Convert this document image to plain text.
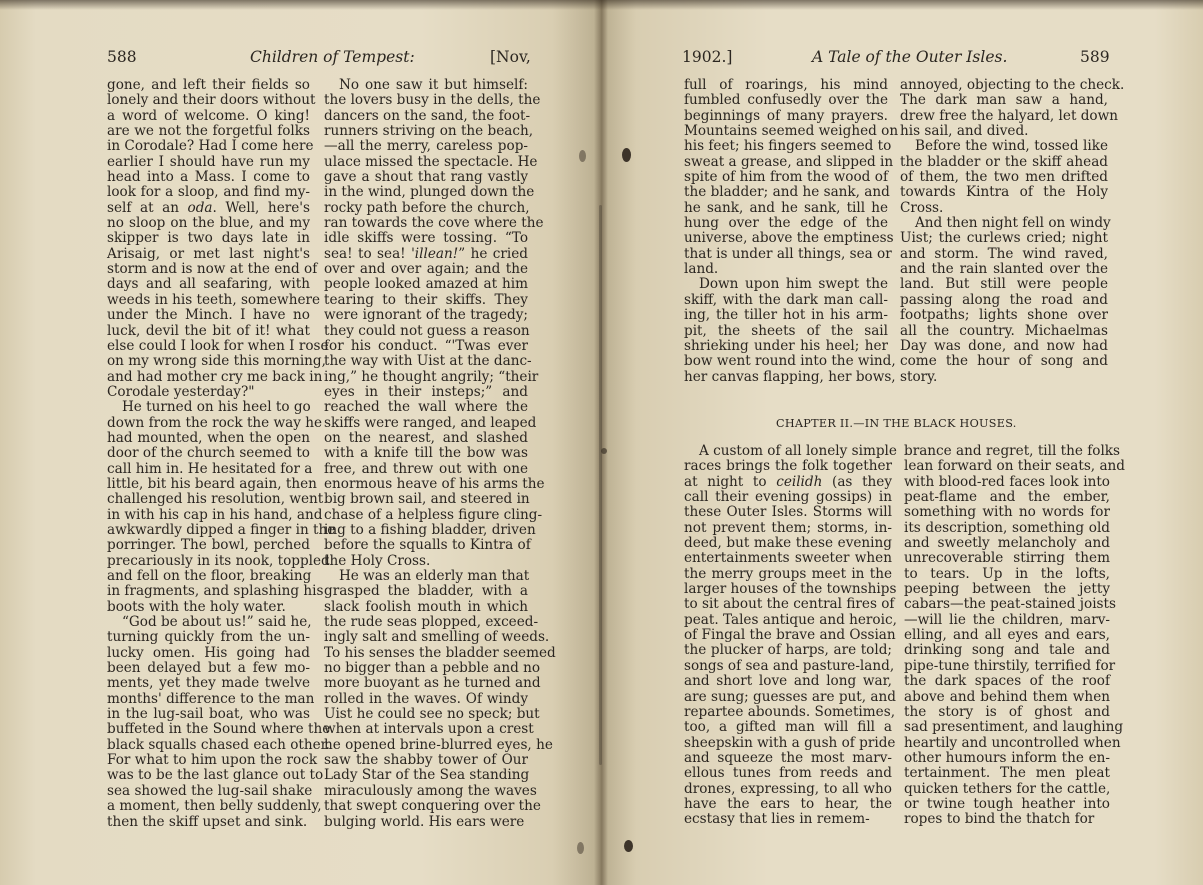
588	Children of Tempest:	[Nov,
gone, and left their fields so
lonely and their doors without
a word of welcome. O king!
are we not the forgetful folks
in Corodale? Had I come here
earlier I should have run my
head into a Mass. I come to
look for a sloop, and find my-
self at an oda. Well, here's
no sloop on the blue, and my
skipper is two days late in
Arisaig, or met last night's
storm and is now at the end of
days and all seafaring, with
weeds in his teeth, somewhere
under the Minch. I have no
luck, devil the bit of it! what
else could I look for when I rose
on my wrong side this morning,
and had mother cry me back in
Corodale yesterday?"
He turned on his heel to go
down from the rock the way he
had mounted, when the open
door of the church seemed to
call him in. He hesitated for a
little, bit his beard again, then
challenged his resolution, went
in with his cap in his hand, and
awkwardly dipped a finger in the
porringer. The bowl, perched
precariously in its nook, toppled
and fell on the floor, breaking
in fragments, and splashing his
boots with the holy water.
“God be about us!” said he,
turning quickly from the un-
lucky omen. His going had
been delayed but a few mo-
ments, yet they made twelve
months' difference to the man
in the lug-sail boat, who was
buffeted in the Sound where the
black squalls chased each other.
For what to him upon the rock
was to be the last glance out to
sea showed the lug-sail shake
a moment, then belly suddenly,
then the skiff upset and sink.
No one saw it but himself:
the lovers busy in the dells, the
dancers on the sand, the foot-
runners striving on the beach,
—all the merry, careless pop-
ulace missed the spectacle. He
gave a shout that rang vastly
in the wind, plunged down the
rocky path before the church,
ran towards the cove where the
idle skiffs were tossing. “To
sea! to sea! 'illean!” he cried
over and over again; and the
people looked amazed at him
tearing to their skiffs. They
were ignorant of the tragedy;
they could not guess a reason
for his conduct. “'Twas ever
the way with Uist at the danc-
ing,” he thought angrily; “their
eyes in their insteps;” and
reached the wall where the
skiffs were ranged, and leaped
on the nearest, and slashed
with a knife till the bow was
free, and threw out with one
enormous heave of his arms the
big brown sail, and steered in
chase of a helpless figure cling-
ing to a fishing bladder, driven
before the squalls to Kintra of
the Holy Cross.
He was an elderly man that
grasped the bladder, with a
slack foolish mouth in which
the rude seas plopped, exceed-
ingly salt and smelling of weeds.
To his senses the bladder seemed
no bigger than a pebble and no
more buoyant as he turned and
rolled in the waves. Of windy
Uist he could see no speck; but
when at intervals upon a crest
he opened brine-blurred eyes, he
saw the shabby tower of Our
Lady Star of the Sea standing
miraculously among the waves
that swept conquering over the
bulging world. His ears were
1902.]	A Tale of the Outer Isles.	589
full of roarings, his mind
fumbled confusedly over the
beginnings of many prayers.
Mountains seemed weighed on
his feet; his fingers seemed to
sweat a grease, and slipped in
spite of him from the wood of
the bladder; and he sank, and
he sank, and he sank, till he
hung over the edge of the
universe, above the emptiness
that is under all things, sea or
land.
Down upon him swept the
skiff, with the dark man call-
ing, the tiller hot in his arm-
pit, the sheets of the sail
shrieking under his heel; her
bow went round into the wind,
her canvas flapping, her bows,
annoyed, objecting to the check.
The dark man saw a hand,
drew free the halyard, let down
his sail, and dived.
Before the wind, tossed like
the bladder or the skiff ahead
of them, the two men drifted
towards Kintra of the Holy
Cross.
And then night fell on windy
Uist; the curlews cried; night
and storm. The wind raved,
and the rain slanted over the
land. But still were people
passing along the road and
footpaths; lights shone over
all the country. Michaelmas
Day was done, and now had
come the hour of song and
story.
A custom of all lonely simple
races brings the folk together
at night to ceilidh (as they
call their evening gossips) in
these Outer Isles. Storms will
not prevent them; storms, in-
deed, but make these evening
entertainments sweeter when
the merry groups meet in the
larger houses of the townships
to sit about the central fires of
peat. Tales antique and heroic,
of Fingal the brave and Ossian
the plucker of harps, are told;
songs of sea and pasture-land,
and short love and long war,
are sung; guesses are put, and
repartee abounds. Sometimes,
too, a gifted man will fill a
sheepskin with a gush of pride
and squeeze the most marv-
ellous tunes from reeds and
drones, expressing, to all who
have the ears to hear, the
ecstasy that lies in remem-
brance and regret, till the folks
lean forward on their seats, and
with blood-red faces look into
peat-flame and the ember,
something with no words for
its description, something old
and sweetly melancholy and
unrecoverable stirring them
to tears. Up in the lofts,
peeping between the jetty
cabars—the peat-stained joists
—will lie the children, marv-
elling, and all eyes and ears,
drinking song and tale and
pipe-tune thirstily, terrified for
the dark spaces of the roof
above and behind them when
the story is of ghost and
sad presentiment, and laughing
heartily and uncontrolled when
other humours inform the en-
tertainment. The men pleat
quicken tethers for the cattle,
or twine tough heather into
ropes to bind the thatch for
CHAPTER II.—IN THE BLACK HOUSES.
